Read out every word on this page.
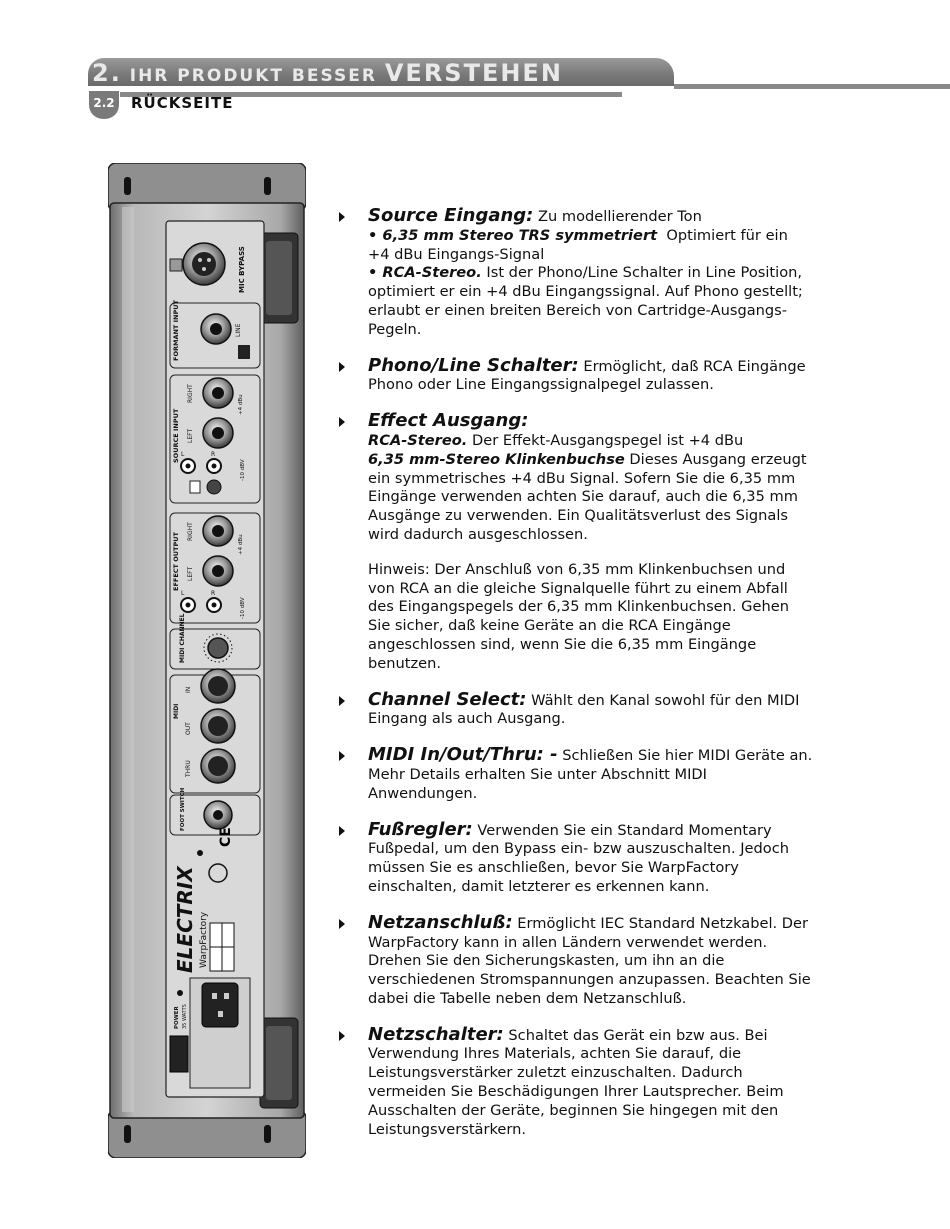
2. IHR PRODUKT BESSER VERSTEHEN
2.2 RÜCKSEITE
MIC BYPASS
FORMANT INPUT	LINE
SOURCE INPUT
RIGHT
LEFT
+4 dBu
L	R
-10 dBV
EFFECT OUTPUT
RIGHT
LEFT
+4 dBu
L	R
-10 dBV
MIDI CHANNEL
MIDI
IN
OUT
THRU
FOOT SWITCH
CE
ELECTRIX WarpFactory
POWER 35 WATTS

Source Eingang: Zu modellierender Ton

• 6,35 mm Stereo TRS symmetriert Optimiert für ein +4 dBu Eingangs-Signal

• RCA-Stereo. Ist der Phono/Line Schalter in Line Position, optimiert er ein +4 dBu Eingangssignal. Auf Phono gestellt; erlaubt er einen breiten Bereich von Cartridge-Ausgangs-Pegeln.

Phono/Line Schalter: Ermöglicht, daß RCA Eingänge Phono oder Line Eingangssignalpegel zulassen.

Effect Ausgang:

RCA-Stereo. Der Effekt-Ausgangspegel ist +4 dBu

6,35 mm-Stereo Klinkenbuchse Dieses Ausgang erzeugt ein symmetrisches +4 dBu Signal. Sofern Sie die 6,35 mm Eingänge verwenden achten Sie darauf, auch die 6,35 mm Ausgänge zu verwenden. Ein Qualitätsverlust des Signals wird dadurch ausgeschlossen.

Hinweis: Der Anschluß von 6,35 mm Klinkenbuchsen und von RCA an die gleiche Signalquelle führt zu einem Abfall des Eingangspegels der 6,35 mm Klinkenbuchsen. Gehen Sie sicher, daß keine Geräte an die RCA Eingänge angeschlossen sind, wenn Sie die 6,35 mm Eingänge benutzen.

Channel Select: Wählt den Kanal sowohl für den MIDI Eingang als auch Ausgang.

MIDI In/Out/Thru: - Schließen Sie hier MIDI Geräte an. Mehr Details erhalten Sie unter Abschnitt MIDI Anwendungen.

Fußregler: Verwenden Sie ein Standard Momentary Fußpedal, um den Bypass ein- bzw auszuschalten. Jedoch müssen Sie es anschließen, bevor Sie WarpFactory einschalten, damit letzterer es erkennen kann.

Netzanschluß: Ermöglicht IEC Standard Netzkabel. Der WarpFactory kann in allen Ländern verwendet werden. Drehen Sie den Sicherungskasten, um ihn an die verschiedenen Stromspannungen anzupassen. Beachten Sie dabei die Tabelle neben dem Netzanschluß.

Netzschalter: Schaltet das Gerät ein bzw aus. Bei Verwendung Ihres Materials, achten Sie darauf, die Leistungsverstärker zuletzt einzuschalten. Dadurch vermeiden Sie Beschädigungen Ihrer Lautsprecher. Beim Ausschalten der Geräte, beginnen Sie hingegen mit den Leistungsverstärkern.
